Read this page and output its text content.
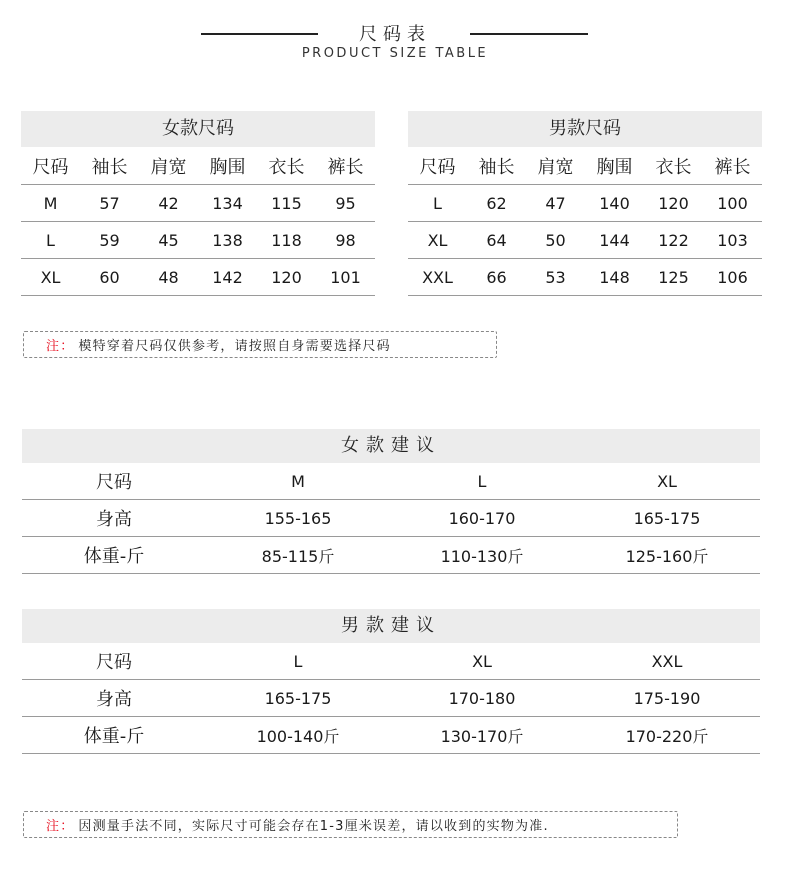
尺码表
PRODUCT SIZE TABLE
女款尺码
尺码	袖长	肩宽	胸围	衣长	裤长
M	57	42	134	115	95
L	59	45	138	118	98
XL	60	48	142	120	101
男款尺码
尺码	袖长	肩宽	胸围	衣长	裤长
L	62	47	140	120	100
XL	64	50	144	122	103
XXL	66	53	148	125	106
注： 模特穿着尺码仅供参考，请按照自身需要选择尺码
女款建议
尺码	M	L	XL
身高	155-165	160-170	165-175
体重-斤	85-115斤	110-130斤	125-160斤
男款建议
尺码	L	XL	XXL
身高	165-175	170-180	175-190
体重-斤	100-140斤	130-170斤	170-220斤
注： 因测量手法不同，实际尺寸可能会存在1-3厘米误差，请以收到的实物为准.
